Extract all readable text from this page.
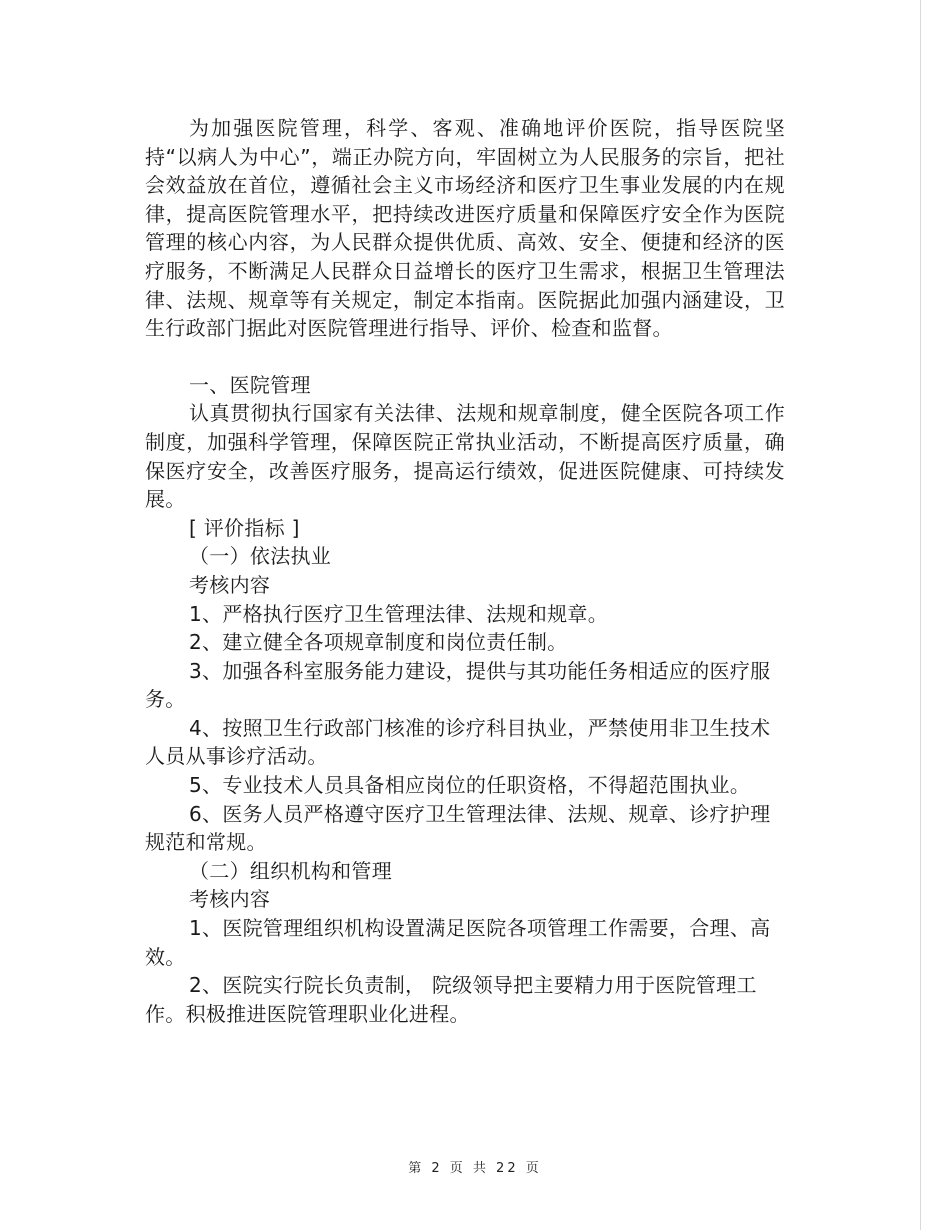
为加强医院管理，科学、客观、准确地评价医院，指导医院坚持“以病人为中心”，端正办院方向，牢固树立为人民服务的宗旨，把社会效益放在首位，遵循社会主义市场经济和医疗卫生事业发展的内在规律，提高医院管理水平，把持续改进医疗质量和保障医疗安全作为医院管理的核心内容，为人民群众提供优质、高效、安全、便捷和经济的医疗服务，不断满足人民群众日益增长的医疗卫生需求，根据卫生管理法律、法规、规章等有关规定，制定本指南。医院据此加强内涵建设，卫生行政部门据此对医院管理进行指导、评价、检查和监督。

一、医院管理

认真贯彻执行国家有关法律、法规和规章制度，健全医院各项工作制度，加强科学管理，保障医院正常执业活动，不断提高医疗质量，确保医疗安全，改善医疗服务，提高运行绩效，促进医院健康、可持续发展。

[ 评价指标 ]

（一）依法执业

考核内容

1、严格执行医疗卫生管理法律、法规和规章。

2、建立健全各项规章制度和岗位责任制。

3、加强各科室服务能力建设，提供与其功能任务相适应的医疗服务。

4、按照卫生行政部门核准的诊疗科目执业，严禁使用非卫生技术人员从事诊疗活动。

5、专业技术人员具备相应岗位的任职资格，不得超范围执业。

6、医务人员严格遵守医疗卫生管理法律、法规、规章、诊疗护理规范和常规。

（二）组织机构和管理

考核内容

1、医院管理组织机构设置满足医院各项管理工作需要，合理、高效。

2、医院实行院长负责制， 院级领导把主要精力用于医院管理工作。积极推进医院管理职业化进程。

第 2 页 共 22 页
